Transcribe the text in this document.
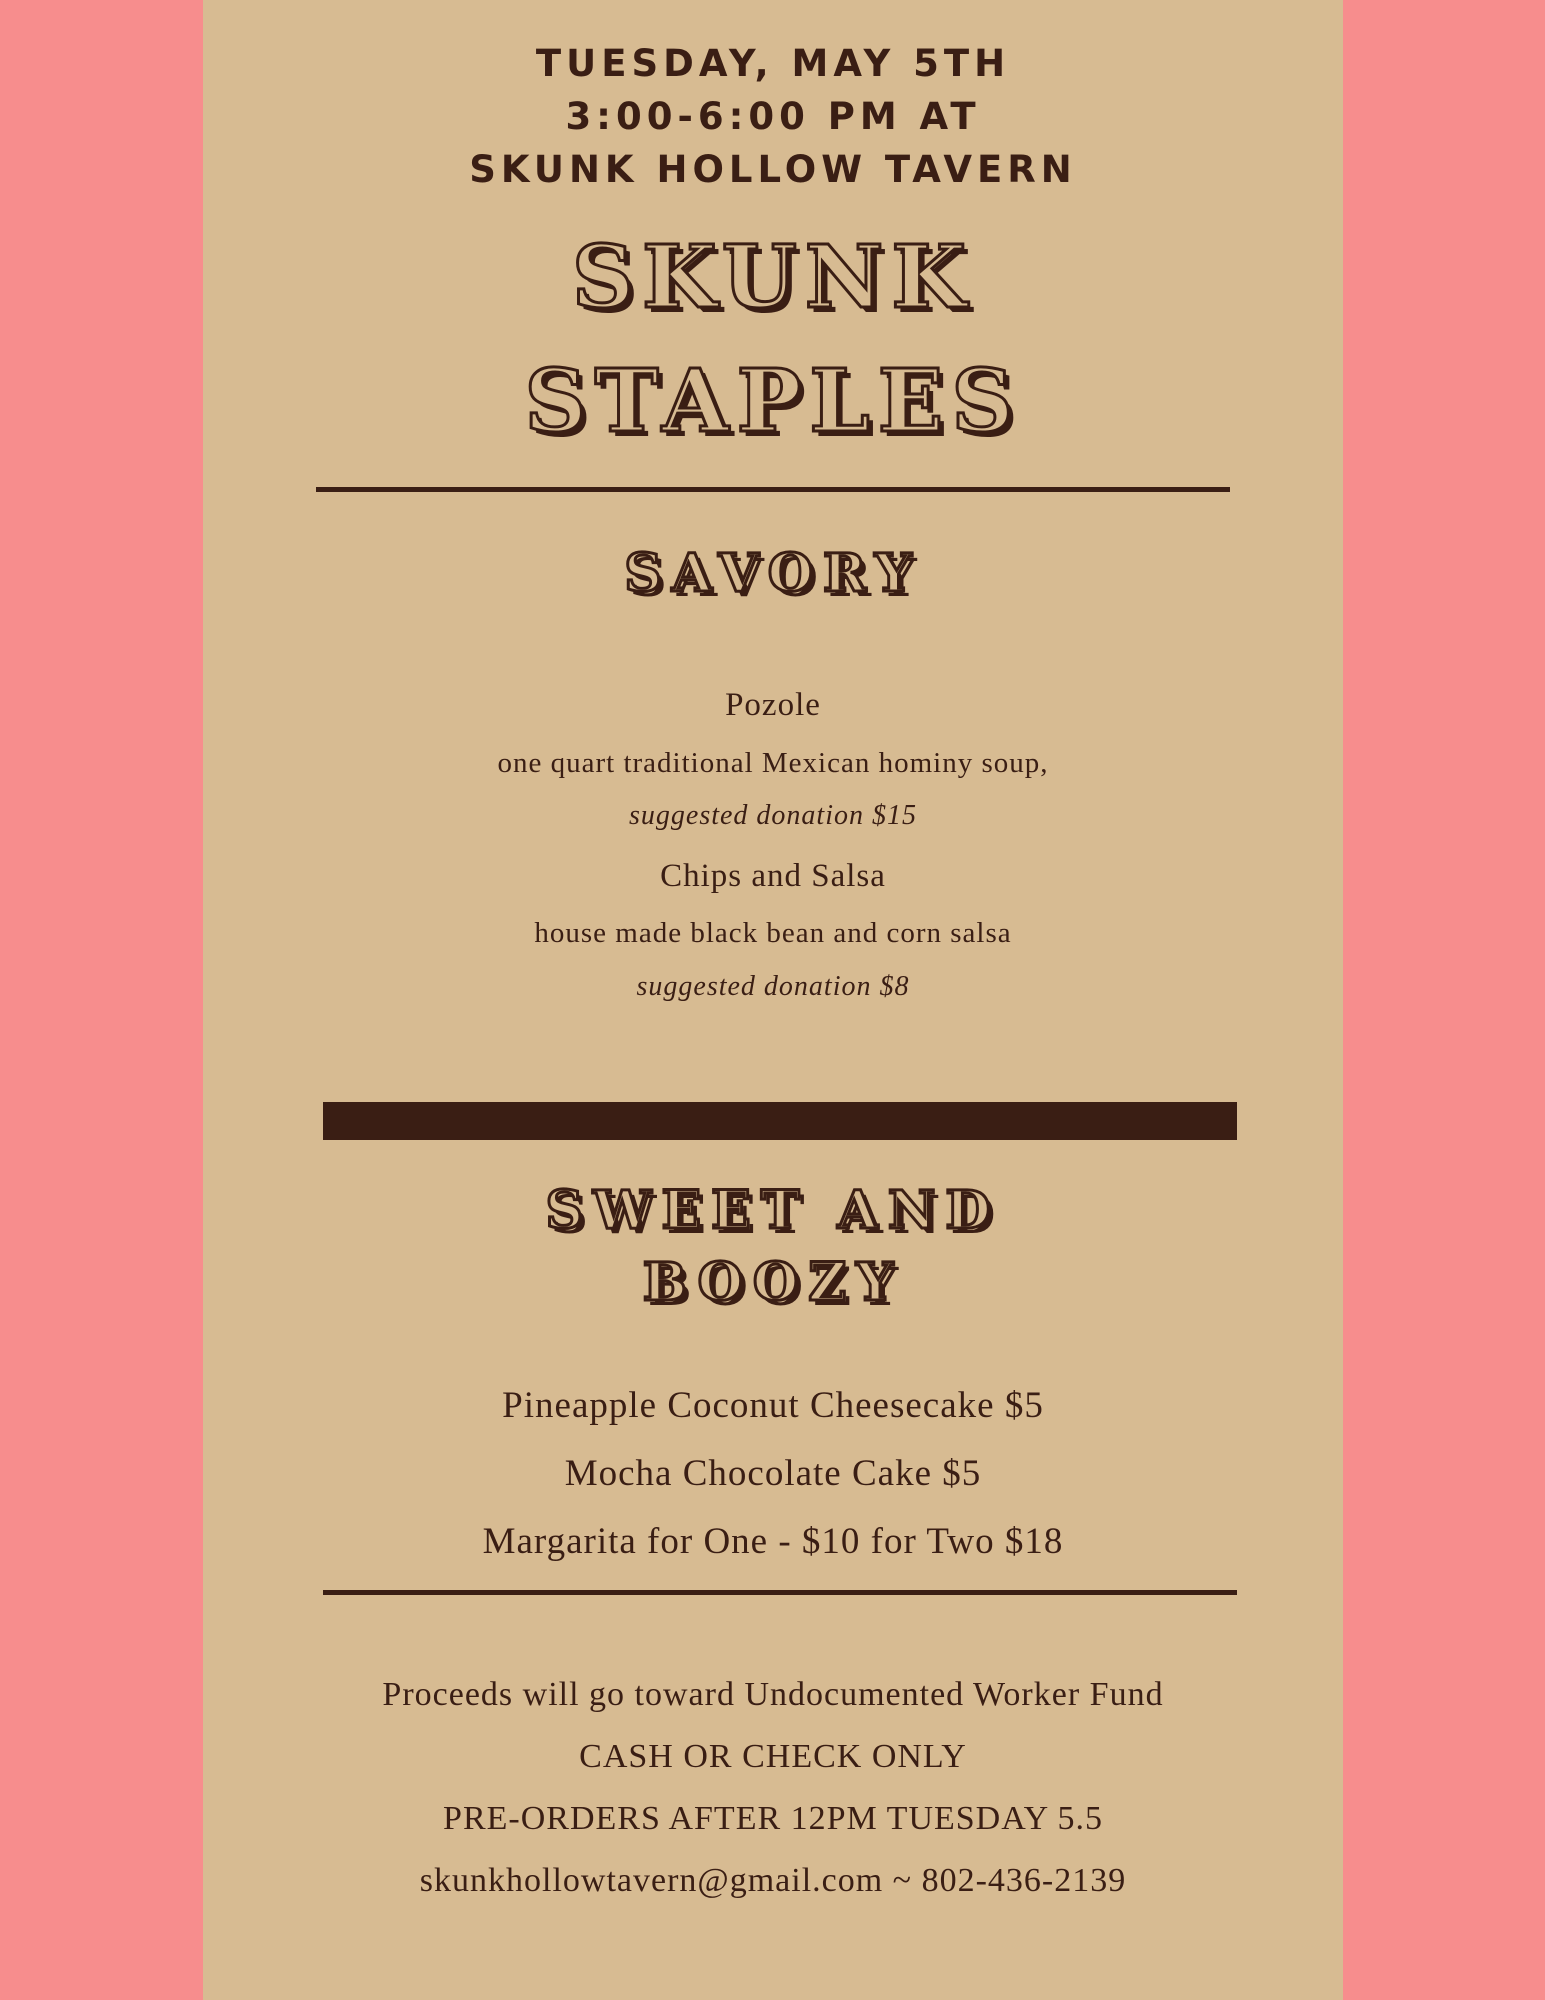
TUESDAY, MAY 5TH
3:00-6:00 PM AT
SKUNK HOLLOW TAVERN
SKUNK
STAPLES
SAVORY
Pozole
one quart traditional Mexican hominy soup,
suggested donation $15
Chips and Salsa
house made black bean and corn salsa
suggested donation $8
SWEET AND
BOOZY
Pineapple Coconut Cheesecake $5
Mocha Chocolate Cake $5
Margarita for One - $10 for Two $18
Proceeds will go toward Undocumented Worker Fund
CASH OR CHECK ONLY
PRE-ORDERS AFTER 12PM TUESDAY 5.5
skunkhollowtavern@gmail.com ~ 802-436-2139
